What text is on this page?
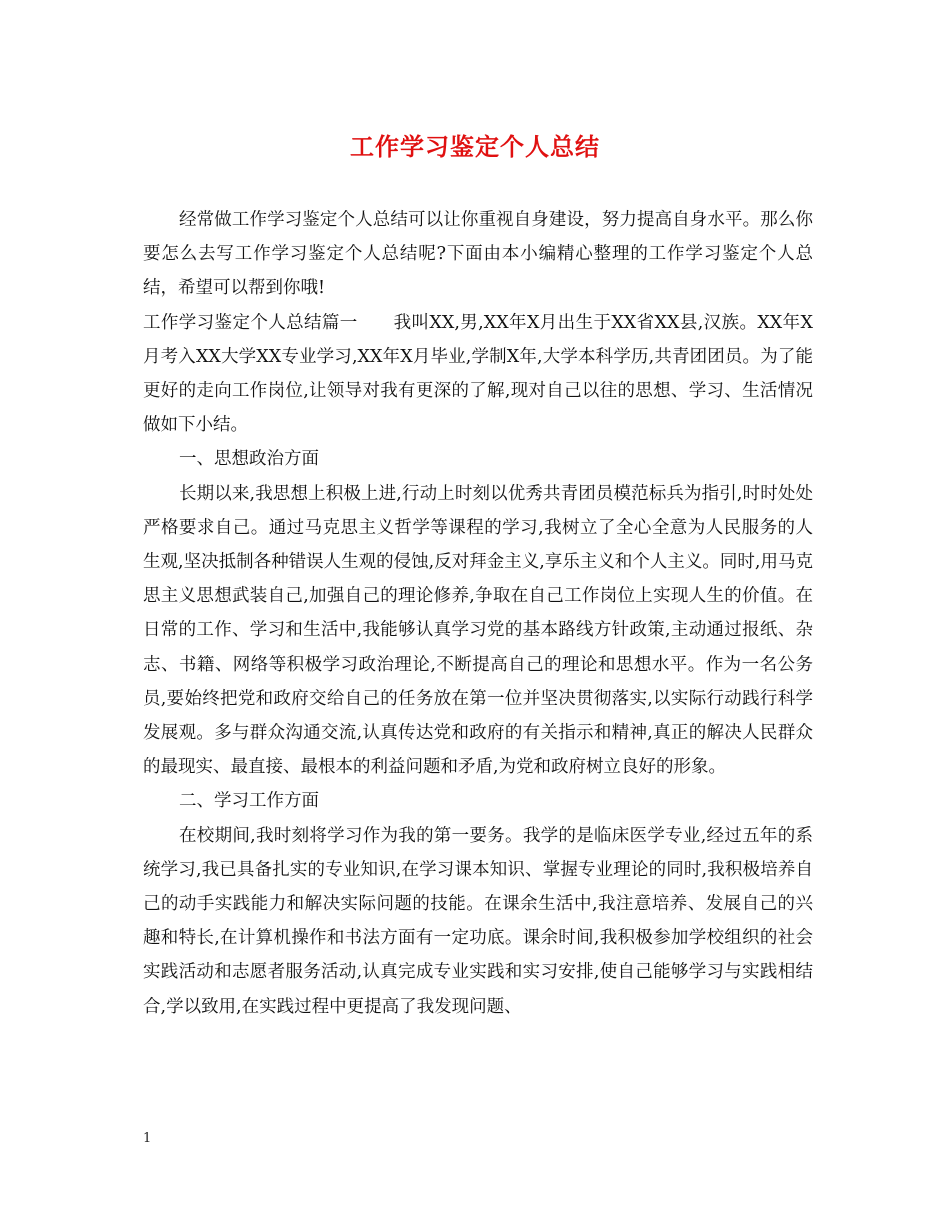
工作学习鉴定个人总结

经常做工作学习鉴定个人总结可以让你重视自身建设，努力提高自身水平。那么你要怎么去写工作学习鉴定个人总结呢?下面由本小编精心整理的工作学习鉴定个人总结，希望可以帮到你哦!

工作学习鉴定个人总结篇一 我叫XX,男,XX年X月出生于XX省XX县,汉族。XX年X月考入XX大学XX专业学习,XX年X月毕业,学制X年,大学本科学历,共青团团员。为了能更好的走向工作岗位,让领导对我有更深的了解,现对自己以往的思想、学习、生活情况做如下小结。

一、思想政治方面

长期以来,我思想上积极上进,行动上时刻以优秀共青团员模范标兵为指引,时时处处严格要求自己。通过马克思主义哲学等课程的学习,我树立了全心全意为人民服务的人生观,坚决抵制各种错误人生观的侵蚀,反对拜金主义,享乐主义和个人主义。同时,用马克思主义思想武装自己,加强自己的理论修养,争取在自己工作岗位上实现人生的价值。在日常的工作、学习和生活中,我能够认真学习党的基本路线方针政策,主动通过报纸、杂志、书籍、网络等积极学习政治理论,不断提高自己的理论和思想水平。作为一名公务员,要始终把党和政府交给自己的任务放在第一位并坚决贯彻落实,以实际行动践行科学发展观。多与群众沟通交流,认真传达党和政府的有关指示和精神,真正的解决人民群众的最现实、最直接、最根本的利益问题和矛盾,为党和政府树立良好的形象。

二、学习工作方面

在校期间,我时刻将学习作为我的第一要务。我学的是临床医学专业,经过五年的系统学习,我已具备扎实的专业知识,在学习课本知识、掌握专业理论的同时,我积极培养自己的动手实践能力和解决实际问题的技能。在课余生活中,我注意培养、发展自己的兴趣和特长,在计算机操作和书法方面有一定功底。课余时间,我积极参加学校组织的社会实践活动和志愿者服务活动,认真完成专业实践和实习安排,使自己能够学习与实践相结合,学以致用,在实践过程中更提高了我发现问题、

1
